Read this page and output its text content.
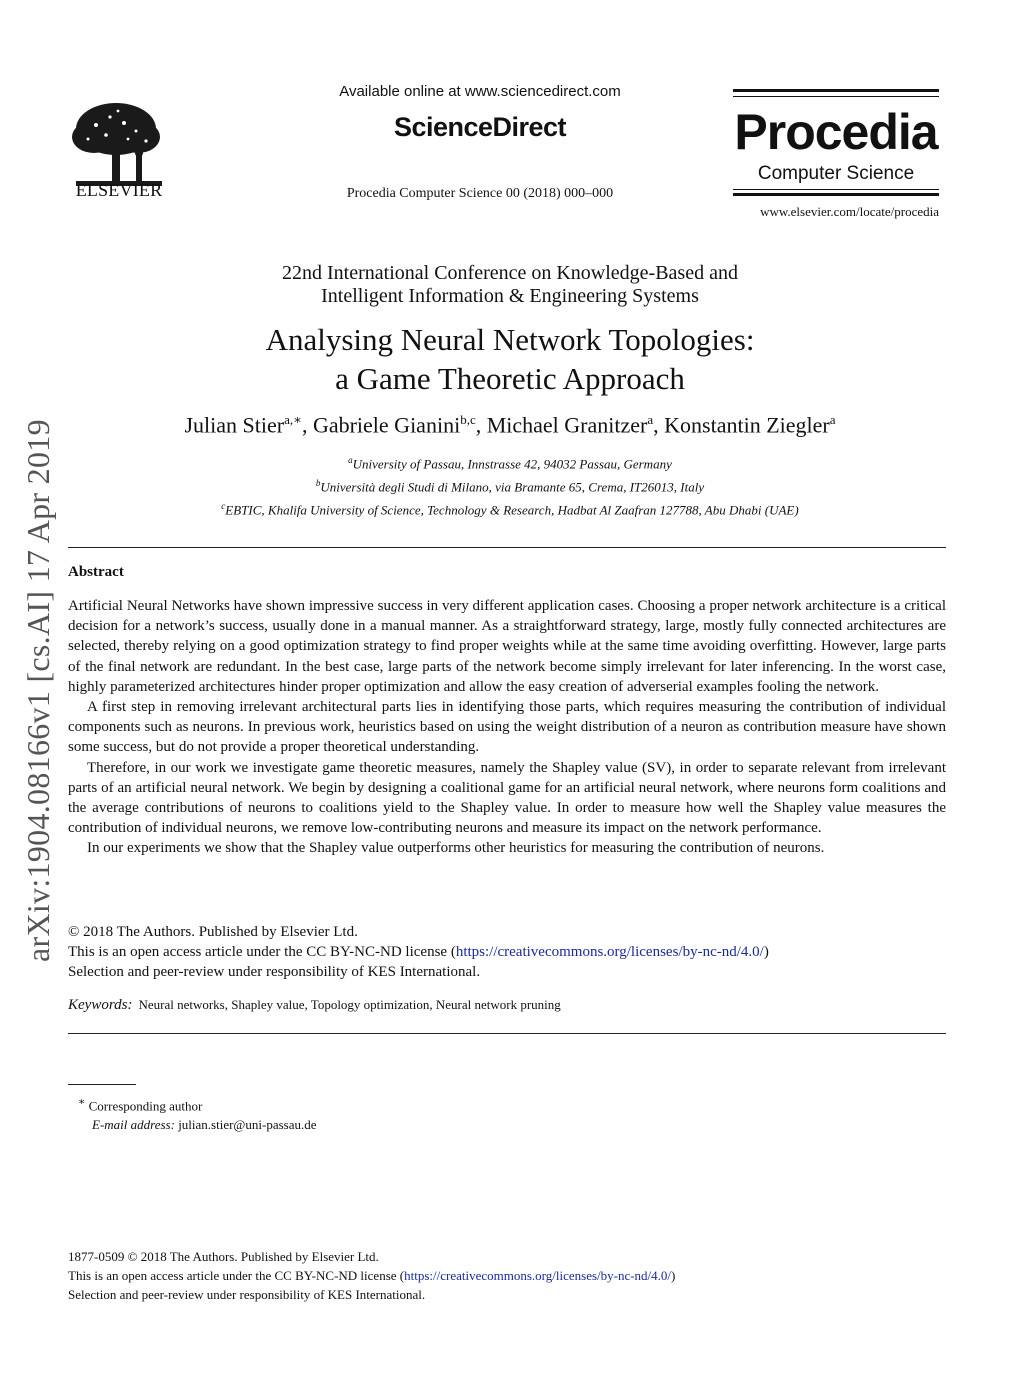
ELSEVIER
Available online at www.sciencedirect.com
ScienceDirect
Procedia Computer Science 00 (2018) 000–000
Procedia
Computer Science
www.elsevier.com/locate/procedia
22nd International Conference on Knowledge-Based and
Intelligent Information & Engineering Systems
Analysing Neural Network Topologies:
a Game Theoretic Approach
Julian Stier$^{a,∗}$, Gabriele Gianini$^{b,c}$, Michael Granitzer$^a$, Konstantin Ziegler$^a$
$^a$University of Passau, Innstrasse 42, 94032 Passau, Germany
$^b$Università degli Studi di Milano, via Bramante 65, Crema, IT26013, Italy
$^c$EBTIC, Khalifa University of Science, Technology & Research, Hadbat Al Zaafran 127788, Abu Dhabi (UAE)
arXiv:1904.08166v1 [cs.AI] 17 Apr 2019 Abstract

Artificial Neural Networks have shown impressive success in very different application cases. Choosing a proper network architecture is a critical decision for a network’s success, usually done in a manual manner. As a straightforward strategy, large, mostly fully connected architectures are selected, thereby relying on a good optimization strategy to find proper weights while at the same time avoiding overfitting. However, large parts of the final network are redundant. In the best case, large parts of the network become simply irrelevant for later inferencing. In the worst case, highly parameterized architectures hinder proper optimization and allow the easy creation of adverserial examples fooling the network.

A first step in removing irrelevant architectural parts lies in identifying those parts, which requires measuring the contribution of individual components such as neurons. In previous work, heuristics based on using the weight distribution of a neuron as contribution measure have shown some success, but do not provide a proper theoretical understanding.

Therefore, in our work we investigate game theoretic measures, namely the Shapley value (SV), in order to separate relevant from irrelevant parts of an artificial neural network. We begin by designing a coalitional game for an artificial neural network, where neurons form coalitions and the average contributions of neurons to coalitions yield to the Shapley value. In order to measure how well the Shapley value measures the contribution of individual neurons, we remove low-contributing neurons and measure its impact on the network performance.

In our experiments we show that the Shapley value outperforms other heuristics for measuring the contribution of neurons.

© 2018 The Authors. Published by Elsevier Ltd.
This is an open access article under the CC BY-NC-ND license (https://creativecommons.org/licenses/by-nc-nd/4.0/)
Selection and peer-review under responsibility of KES International.
Keywords: Neural networks, Shapley value, Topology optimization, Neural network pruning
∗ Corresponding author
E-mail address: julian.stier@uni-passau.de
1877-0509 © 2018 The Authors. Published by Elsevier Ltd.
This is an open access article under the CC BY-NC-ND license (https://creativecommons.org/licenses/by-nc-nd/4.0/)
Selection and peer-review under responsibility of KES International.
